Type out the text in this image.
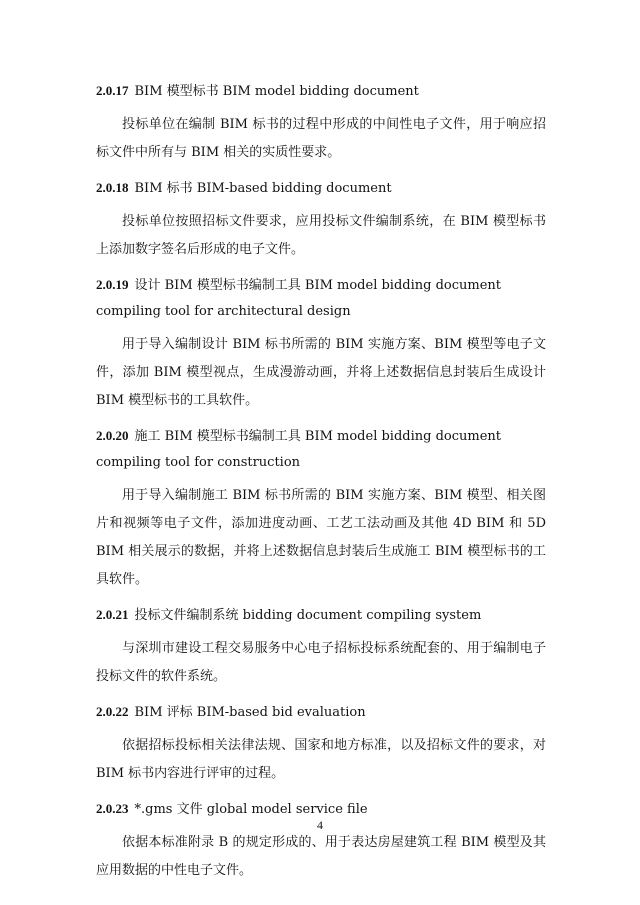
2.0.17 BIM 模型标书 BIM model bidding document

投标单位在编制 BIM 标书的过程中形成的中间性电子文件，用于响应招标文件中所有与 BIM 相关的实质性要求。

2.0.18 BIM 标书 BIM-based bidding document

投标单位按照招标文件要求，应用投标文件编制系统，在 BIM 模型标书上添加数字签名后形成的电子文件。

2.0.19 设计 BIM 模型标书编制工具 BIM model bidding document compiling tool for architectural design

用于导入编制设计 BIM 标书所需的 BIM 实施方案、BIM 模型等电子文件，添加 BIM 模型视点，生成漫游动画，并将上述数据信息封装后生成设计 BIM 模型标书的工具软件。

2.0.20 施工 BIM 模型标书编制工具 BIM model bidding document compiling tool for construction

用于导入编制施工 BIM 标书所需的 BIM 实施方案、BIM 模型、相关图片和视频等电子文件，添加进度动画、工艺工法动画及其他 4D BIM 和 5D BIM 相关展示的数据，并将上述数据信息封装后生成施工 BIM 模型标书的工具软件。

2.0.21 投标文件编制系统 bidding document compiling system

与深圳市建设工程交易服务中心电子招标投标系统配套的、用于编制电子投标文件的软件系统。

2.0.22 BIM 评标 BIM-based bid evaluation

依据招标投标相关法律法规、国家和地方标准，以及招标文件的要求，对 BIM 标书内容进行评审的过程。

2.0.23 *.gms 文件 global model service file

依据本标准附录 B 的规定形成的、用于表达房屋建筑工程 BIM 模型及其应用数据的中性电子文件。

4
